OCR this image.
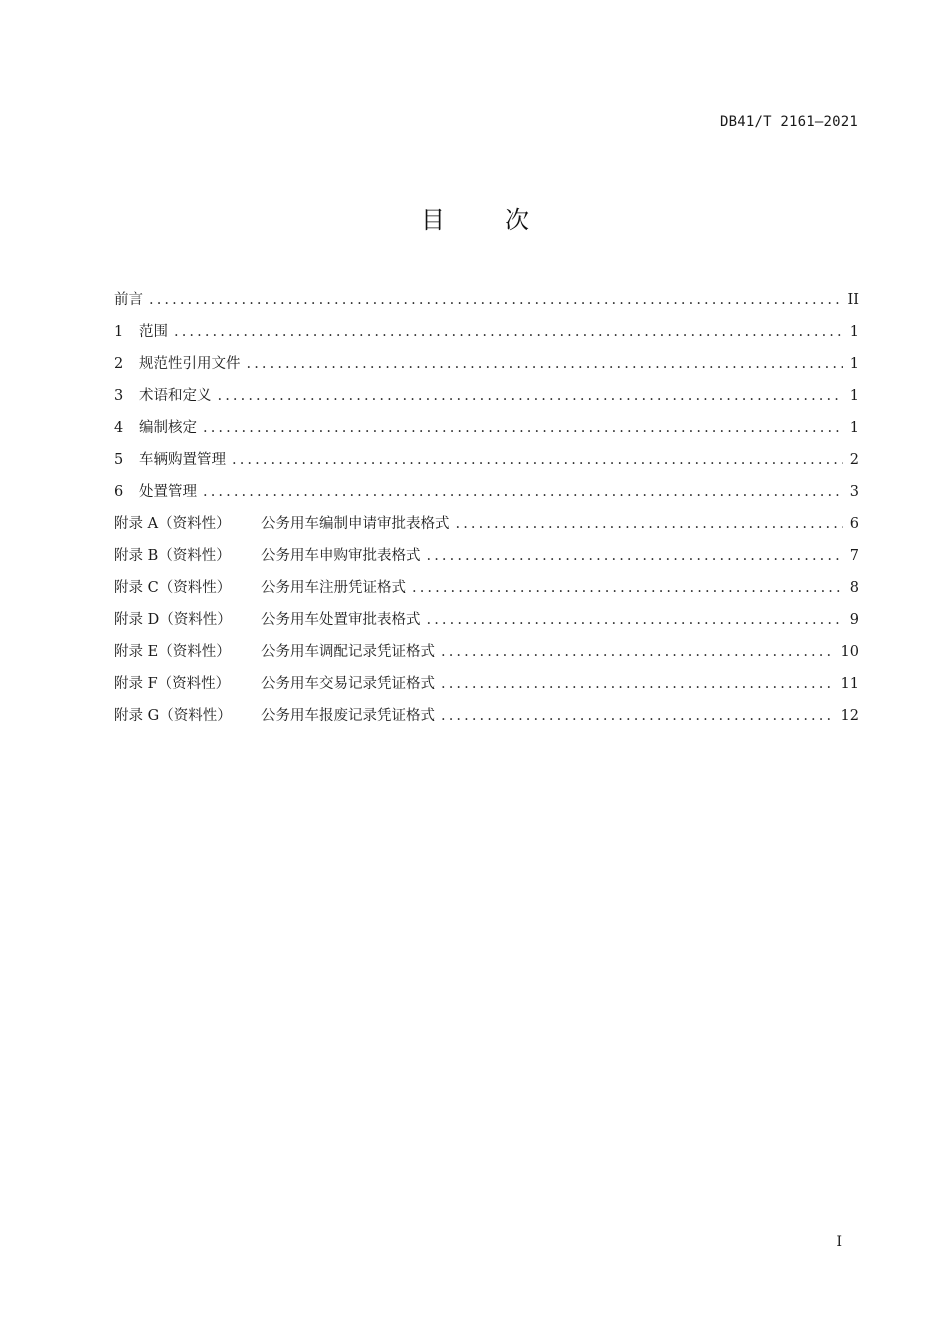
DB41/T 2161—2021
目	次
前言 .....	II
1	范围 .....	1
2	规范性引用文件 .....	1
3	术语和定义 .....	1
4	编制核定 .....	1
5	车辆购置管理 .....	2
6	处置管理 .....	3
附录 A（资料性）	公务用车编制申请审批表格式 .....	6
附录 B（资料性）	公务用车申购审批表格式 .....	7
附录 C（资料性）	公务用车注册凭证格式 .....	8
附录 D（资料性）	公务用车处置审批表格式 .....	9
附录 E（资料性）	公务用车调配记录凭证格式 .....	10
附录 F（资料性）	公务用车交易记录凭证格式 .....	11
附录 G（资料性）	公务用车报废记录凭证格式 .....	12
I
